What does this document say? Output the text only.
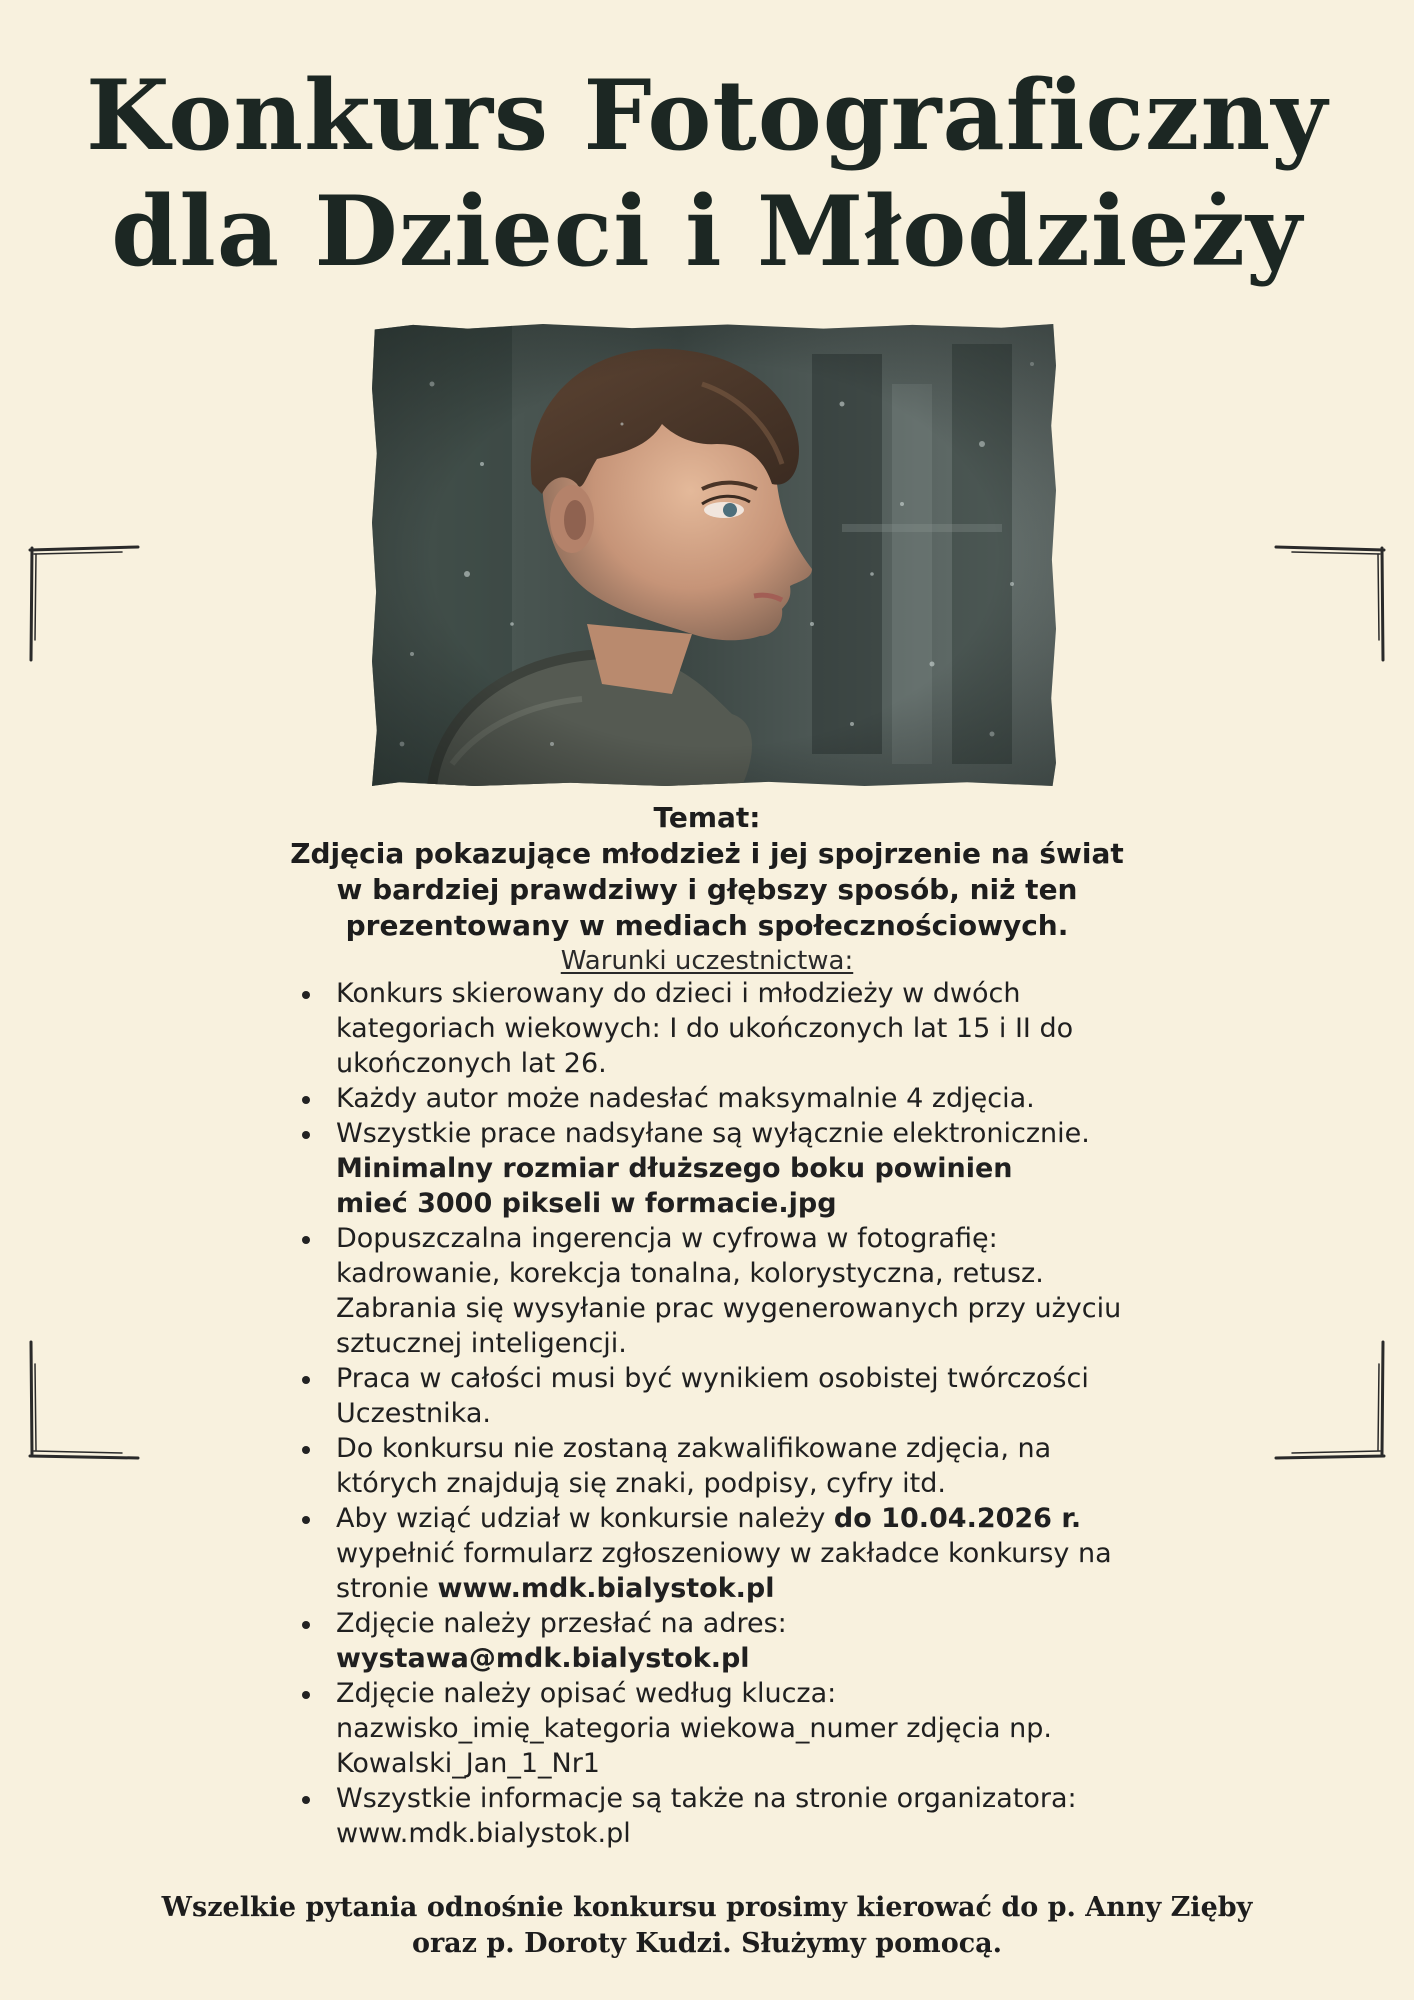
Konkurs Fotograficzny
dla Dzieci i Młodzieży
Temat:
Zdjęcia pokazujące młodzież i jej spojrzenie na świat
w bardziej prawdziwy i głębszy sposób, niż ten
prezentowany w mediach społecznościowych.
Warunki uczestnictwa:
Konkurs skierowany do dzieci i młodzieży w dwóch
kategoriach wiekowych: I do ukończonych lat 15 i II do
ukończonych lat 26.
Każdy autor może nadesłać maksymalnie 4 zdjęcia.
Wszystkie prace nadsyłane są wyłącznie elektronicznie.
Minimalny rozmiar dłuższego boku powinien
mieć 3000 pikseli w formacie.jpg
Dopuszczalna ingerencja w cyfrowa w fotografię:
kadrowanie, korekcja tonalna, kolorystyczna, retusz.
Zabrania się wysyłanie prac wygenerowanych przy użyciu
sztucznej inteligencji.
Praca w całości musi być wynikiem osobistej twórczości
Uczestnika.
Do konkursu nie zostaną zakwalifikowane zdjęcia, na
których znajdują się znaki, podpisy, cyfry itd.
Aby wziąć udział w konkursie należy do 10.04.2026 r.
wypełnić formularz zgłoszeniowy w zakładce konkursy na
stronie www.mdk.bialystok.pl
Zdjęcie należy przesłać na adres:
wystawa@mdk.bialystok.pl
Zdjęcie należy opisać według klucza:
nazwisko_imię_kategoria wiekowa_numer zdjęcia np.
Kowalski_Jan_1_Nr1
Wszystkie informacje są także na stronie organizatora:
www.mdk.bialystok.pl
Wszelkie pytania odnośnie konkursu prosimy kierować do p. Anny Zięby
oraz p. Doroty Kudzi. Służymy pomocą.
